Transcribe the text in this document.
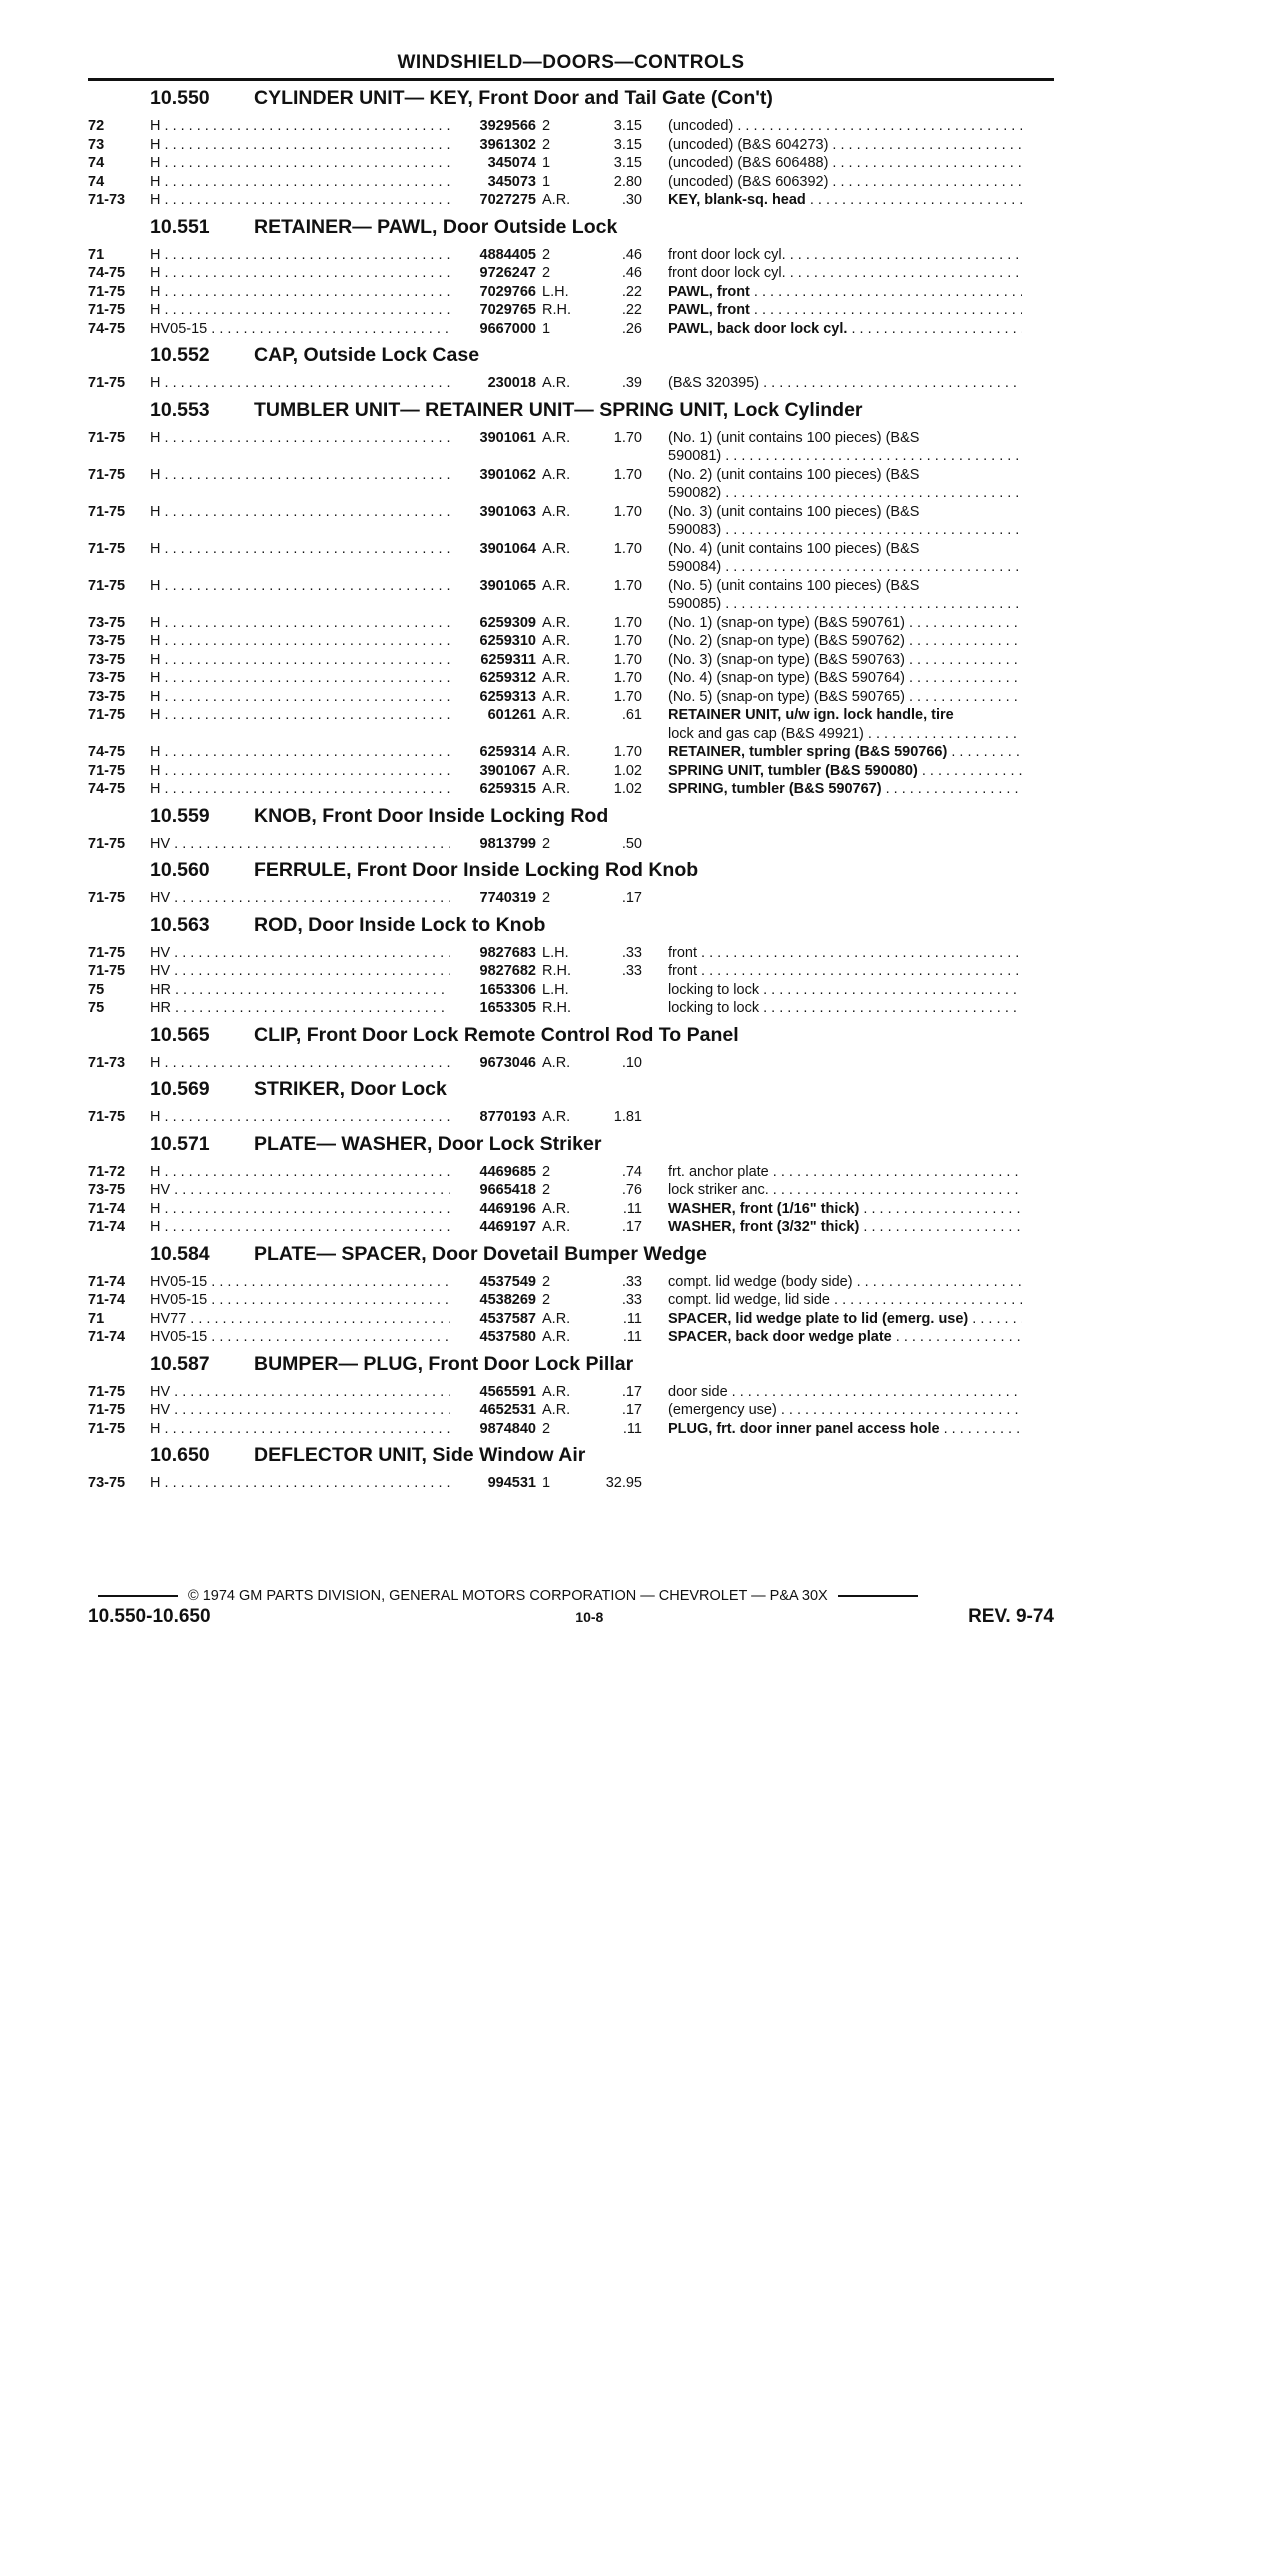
WINDSHIELD—DOORS—CONTROLS
10.550	CYLINDER UNIT— KEY, Front Door and Tail Gate (Con't)
72	H . . .	3929566 2	3.15 (uncoded) . . .
73	H . . .	3961302 2	3.15 (uncoded) (B&S 604273) . . .
74	H . . .	345074 1	3.15 (uncoded) (B&S 606488) . . .
74	H . . .	345073 1	2.80 (uncoded) (B&S 606392) . . .
71-73	H . . .	7027275 A.R.	.30 KEY, blank-sq. head . . .
10.551	RETAINER— PAWL, Door Outside Lock
71	H . . .	4884405 2	.46 front door lock cyl. . . .
74-75	H . . .	9726247 2	.46 front door lock cyl. . . .
71-75	H . . .	7029766 L.H.	.22 PAWL, front . . .
71-75	H . . .	7029765 R.H.	.22 PAWL, front . . .
74-75	HV05-15 . . .	9667000 1	.26 PAWL, back door lock cyl. . . .
10.552	CAP, Outside Lock Case
71-75	H . . .	230018 A.R.	.39 (B&S 320395) . . .
10.553	TUMBLER UNIT— RETAINER UNIT— SPRING UNIT, Lock Cylinder
71-75	H . . .	3901061 A.R.	1.70 (No. 1) (unit contains 100 pieces) (B&S
590081) . . .
71-75	H . . .	3901062 A.R.	1.70 (No. 2) (unit contains 100 pieces) (B&S
590082) . . .
71-75	H . . .	3901063 A.R.	1.70 (No. 3) (unit contains 100 pieces) (B&S
590083) . . .
71-75	H . . .	3901064 A.R.	1.70 (No. 4) (unit contains 100 pieces) (B&S
590084) . . .
71-75	H . . .	3901065 A.R.	1.70 (No. 5) (unit contains 100 pieces) (B&S
590085) . . .
73-75	H . . .	6259309 A.R.	1.70 (No. 1) (snap-on type) (B&S 590761) . . .
73-75	H . . .	6259310 A.R.	1.70 (No. 2) (snap-on type) (B&S 590762) . . .
73-75	H . . .	6259311 A.R.	1.70 (No. 3) (snap-on type) (B&S 590763) . . .
73-75	H . . .	6259312 A.R.	1.70 (No. 4) (snap-on type) (B&S 590764) . . .
73-75	H . . .	6259313 A.R.	1.70 (No. 5) (snap-on type) (B&S 590765) . . .
71-75	H . . .	601261 A.R.	.61 RETAINER UNIT, u/w ign. lock handle, tire
lock and gas cap (B&S 49921) . . .
74-75	H . . .	6259314 A.R.	1.70 RETAINER, tumbler spring (B&S 590766) . . .
71-75	H . . .	3901067 A.R.	1.02 SPRING UNIT, tumbler (B&S 590080) . . .
74-75	H . . .	6259315 A.R.	1.02 SPRING, tumbler (B&S 590767) . . .
10.559	KNOB, Front Door Inside Locking Rod
71-75	HV . . .	9813799 2	.50
10.560	FERRULE, Front Door Inside Locking Rod Knob
71-75	HV . . .	7740319 2	.17
10.563	ROD, Door Inside Lock to Knob
71-75	HV . . .	9827683 L.H.	.33 front . . .
71-75	HV . . .	9827682 R.H.	.33 front . . .
75	HR . . .	1653306 L.H.	locking to lock . . .
75	HR . . .	1653305 R.H.	locking to lock . . .
10.565	CLIP, Front Door Lock Remote Control Rod To Panel
71-73	H . . .	9673046 A.R.	.10
10.569	STRIKER, Door Lock
71-75	H . . .	8770193 A.R.	1.81
10.571	PLATE— WASHER, Door Lock Striker
71-72	H . . .	4469685 2	.74 frt. anchor plate . . .
73-75	HV . . .	9665418 2	.76 lock striker anc. . . .
71-74	H . . .	4469196 A.R.	.11 WASHER, front (1/16" thick) . . .
71-74	H . . .	4469197 A.R.	.17 WASHER, front (3/32" thick) . . .
10.584	PLATE— SPACER, Door Dovetail Bumper Wedge
71-74	HV05-15 . . .	4537549 2	.33 compt. lid wedge (body side) . . .
71-74	HV05-15 . . .	4538269 2	.33 compt. lid wedge, lid side . . .
71	HV77 . . .	4537587 A.R.	.11 SPACER, lid wedge plate to lid (emerg. use) . . .
71-74	HV05-15 . . .	4537580 A.R.	.11 SPACER, back door wedge plate . . .
10.587	BUMPER— PLUG, Front Door Lock Pillar
71-75	HV . . .	4565591 A.R.	.17 door side . . .
71-75	HV . . .	4652531 A.R.	.17 (emergency use) . . .
71-75	H . . .	9874840 2	.11 PLUG, frt. door inner panel access hole . . .
10.650	DEFLECTOR UNIT, Side Window Air
73-75	H . . .	994531 1	32.95
© 1974 GM PARTS DIVISION, GENERAL MOTORS CORPORATION — CHEVROLET — P&A 30X
10.550-10.650	10-8	REV. 9-74
